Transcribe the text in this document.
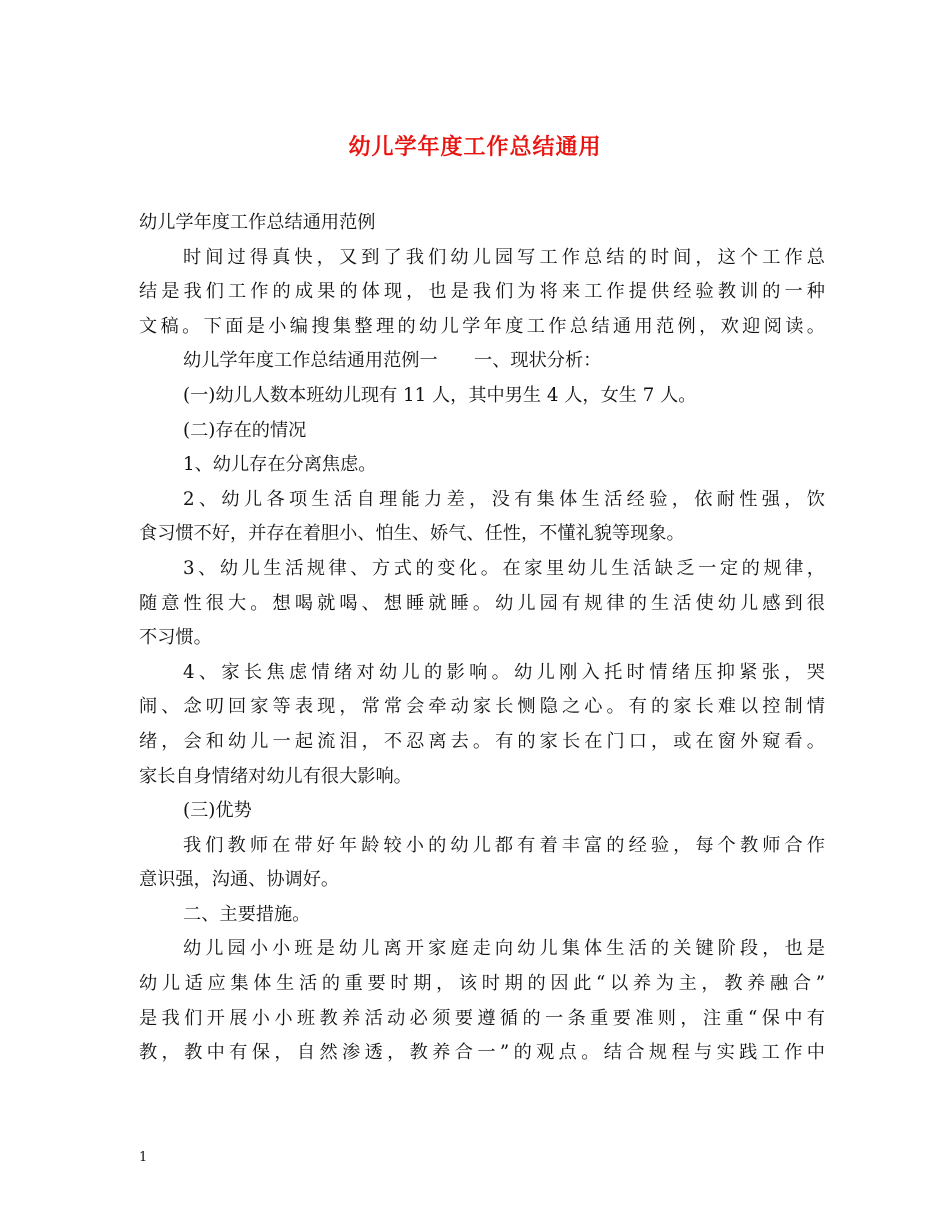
幼儿学年度工作总结通用
幼儿学年度工作总结通用范例
时间过得真快，又到了我们幼儿园写工作总结的时间，这个工作总
结是我们工作的成果的体现，也是我们为将来工作提供经验教训的一种
文稿。下面是小编搜集整理的幼儿学年度工作总结通用范例，欢迎阅读。
幼儿学年度工作总结通用范例一　　一、现状分析：
(一)幼儿人数本班幼儿现有 11 人，其中男生 4 人，女生 7 人。
(二)存在的情况
1、幼儿存在分离焦虑。
2、幼儿各项生活自理能力差，没有集体生活经验，依耐性强，饮
食习惯不好，并存在着胆小、怕生、娇气、任性，不懂礼貌等现象。
3、幼儿生活规律、方式的变化。在家里幼儿生活缺乏一定的规律，
随意性很大。想喝就喝、想睡就睡。幼儿园有规律的生活使幼儿感到很
不习惯。
4、家长焦虑情绪对幼儿的影响。幼儿刚入托时情绪压抑紧张，哭
闹、念叨回家等表现，常常会牵动家长恻隐之心。有的家长难以控制情
绪，会和幼儿一起流泪，不忍离去。有的家长在门口，或在窗外窥看。
家长自身情绪对幼儿有很大影响。
(三)优势
我们教师在带好年龄较小的幼儿都有着丰富的经验，每个教师合作
意识强，沟通、协调好。
二、主要措施。
幼儿园小小班是幼儿离开家庭走向幼儿集体生活的关键阶段，也是
幼儿适应集体生活的重要时期，该时期的因此“以养为主，教养融合”
是我们开展小小班教养活动必须要遵循的一条重要准则，注重“保中有
教，教中有保，自然渗透，教养合一”的观点。结合规程与实践工作中
1
